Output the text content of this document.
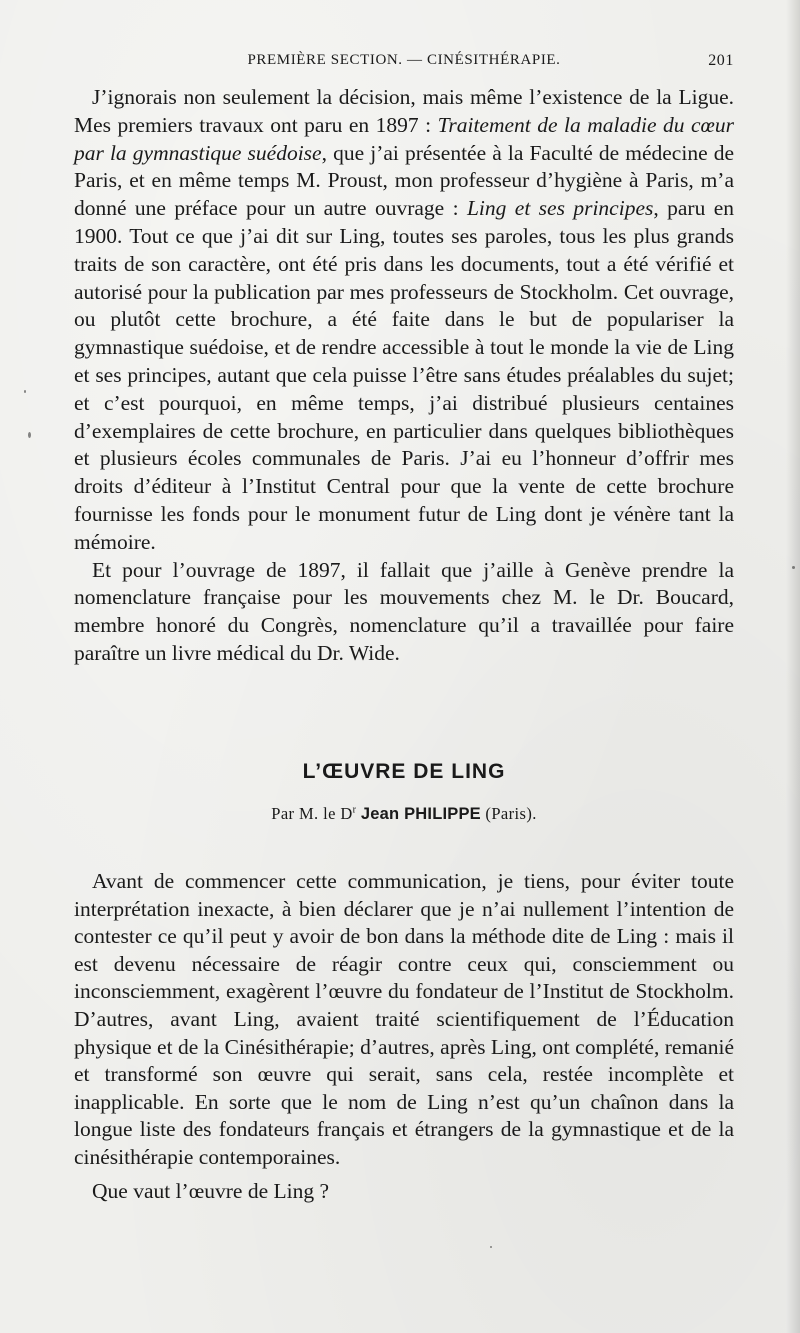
PREMIÈRE SECTION. — CINÉSITHÉRAPIE.	201

J’ignorais non seulement la décision, mais même l’existence de la Ligue. Mes premiers travaux ont paru en 1897 : Traitement de la maladie du cœur par la gymnastique suédoise, que j’ai présentée à la Faculté de médecine de Paris, et en même temps M. Proust, mon professeur d’hygiène à Paris, m’a donné une préface pour un autre ouvrage : Ling et ses principes, paru en 1900. Tout ce que j’ai dit sur Ling, toutes ses paroles, tous les plus grands traits de son caractère, ont été pris dans les documents, tout a été vérifié et autorisé pour la publication par mes professeurs de Stockholm. Cet ouvrage, ou plutôt cette brochure, a été faite dans le but de populariser la gymnastique suédoise, et de rendre accessible à tout le monde la vie de Ling et ses principes, autant que cela puisse l’être sans études préalables du sujet; et c’est pourquoi, en même temps, j’ai distribué plusieurs centaines d’exemplaires de cette brochure, en particulier dans quelques bibliothèques et plusieurs écoles communales de Paris. J’ai eu l’honneur d’offrir mes droits d’éditeur à l’Institut Central pour que la vente de cette brochure fournisse les fonds pour le monument futur de Ling dont je vénère tant la mémoire.

Et pour l’ouvrage de 1897, il fallait que j’aille à Genève prendre la nomenclature française pour les mouvements chez M. le Dr. Boucard, membre honoré du Congrès, nomenclature qu’il a travaillée pour faire paraître un livre médical du Dr. Wide.

L’ŒUVRE DE LING
Par M. le $D^r$ Jean PHILIPPE (Paris).

Avant de commencer cette communication, je tiens, pour éviter toute interprétation inexacte, à bien déclarer que je n’ai nullement l’intention de contester ce qu’il peut y avoir de bon dans la méthode dite de Ling : mais il est devenu nécessaire de réagir contre ceux qui, consciemment ou inconsciemment, exagèrent l’œuvre du fondateur de l’Institut de Stockholm. D’autres, avant Ling, avaient traité scientifiquement de l’Éducation physique et de la Cinésithérapie; d’autres, après Ling, ont complété, remanié et transformé son œuvre qui serait, sans cela, restée incomplète et inapplicable. En sorte que le nom de Ling n’est qu’un chaînon dans la longue liste des fondateurs français et étrangers de la gymnastique et de la cinésithérapie contemporaines.

Que vaut l’œuvre de Ling ?
